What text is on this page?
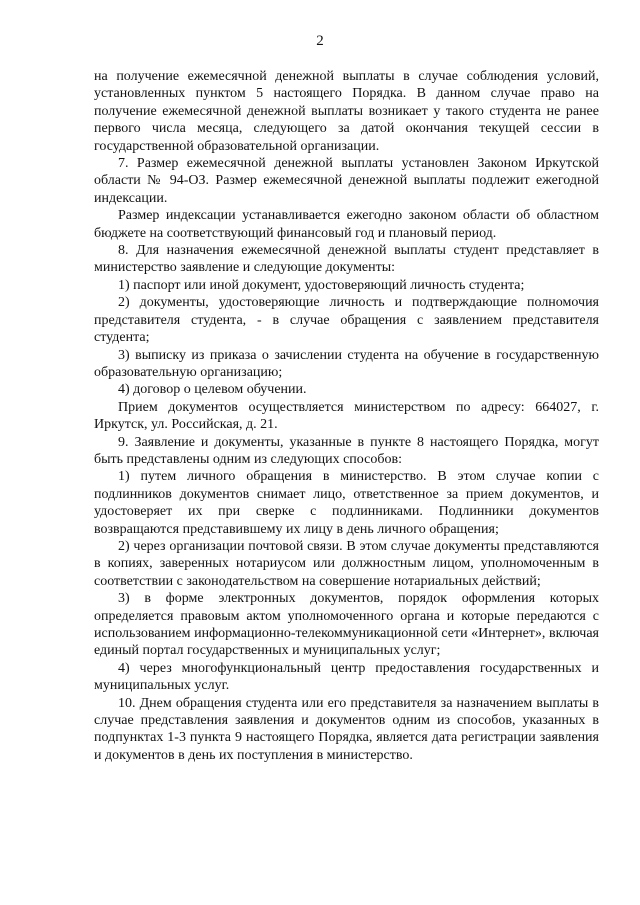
2

на получение ежемесячной денежной выплаты в случае соблюдения условий, установленных пунктом 5 настоящего Порядка. В данном случае право на получение ежемесячной денежной выплаты возникает у такого студента не ранее первого числа месяца, следующего за датой окончания текущей сессии в государственной образовательной организации.

7. Размер ежемесячной денежной выплаты установлен Законом Иркутской области № 94-ОЗ. Размер ежемесячной денежной выплаты подлежит ежегодной индексации.

Размер индексации устанавливается ежегодно законом области об областном бюджете на соответствующий финансовый год и плановый период.

8. Для назначения ежемесячной денежной выплаты студент представляет в министерство заявление и следующие документы:

1) паспорт или иной документ, удостоверяющий личность студента;

2) документы, удостоверяющие личность и подтверждающие полномочия представителя студента, - в случае обращения с заявлением представителя студента;

3) выписку из приказа о зачислении студента на обучение в государственную образовательную организацию;

4) договор о целевом обучении.

Прием документов осуществляется министерством по адресу: 664027, г. Иркутск, ул. Российская, д. 21.

9. Заявление и документы, указанные в пункте 8 настоящего Порядка, могут быть представлены одним из следующих способов:

1) путем личного обращения в министерство. В этом случае копии с подлинников документов снимает лицо, ответственное за прием документов, и удостоверяет их при сверке с подлинниками. Подлинники документов возвращаются представившему их лицу в день личного обращения;

2) через организации почтовой связи. В этом случае документы представляются в копиях, заверенных нотариусом или должностным лицом, уполномоченным в соответствии с законодательством на совершение нотариальных действий;

3) в форме электронных документов, порядок оформления которых определяется правовым актом уполномоченного органа и которые передаются с использованием информационно-телекоммуникационной сети «Интернет», включая единый портал государственных и муниципальных услуг;

4) через многофункциональный центр предоставления государственных и муниципальных услуг.

10. Днем обращения студента или его представителя за назначением выплаты в случае представления заявления и документов одним из способов, указанных в подпунктах 1-3 пункта 9 настоящего Порядка, является дата регистрации заявления и документов в день их поступления в министерство.
